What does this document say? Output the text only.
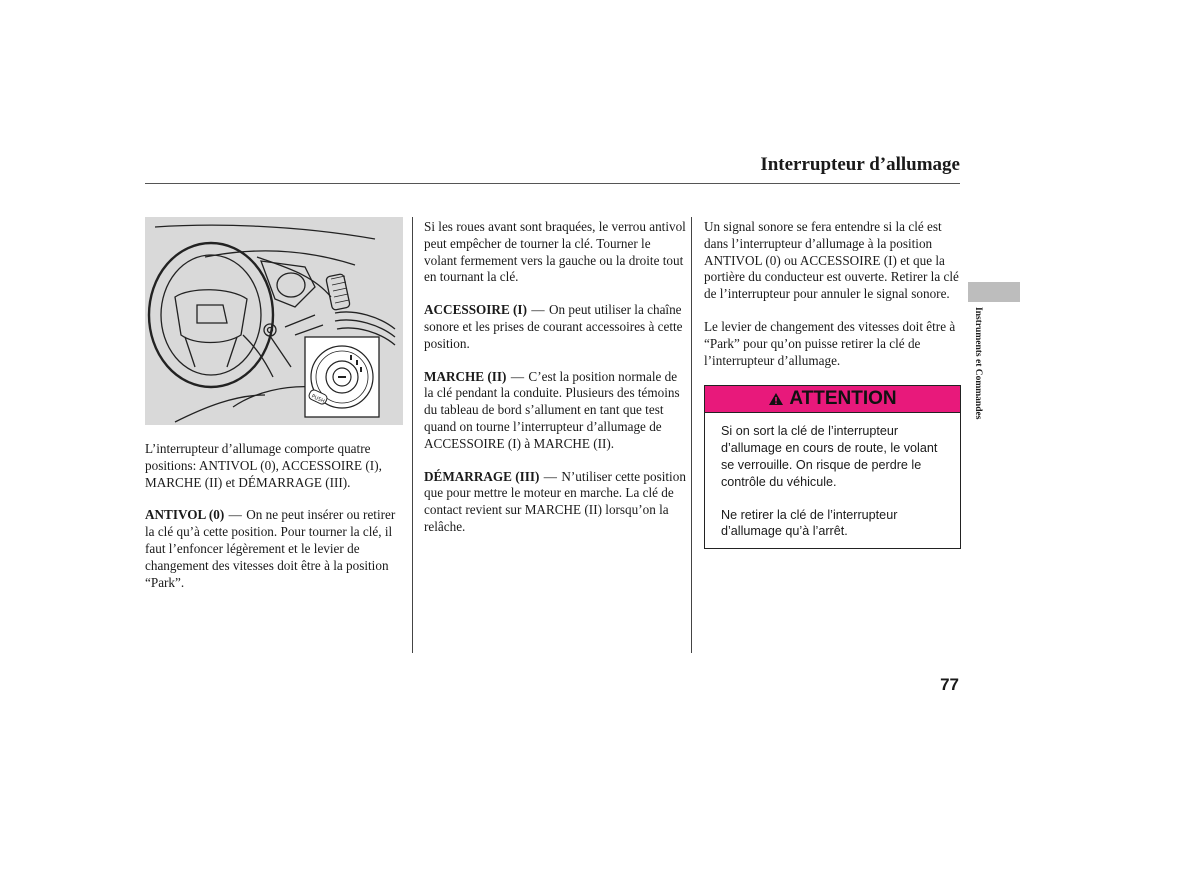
Interrupteur d’allumage
PUSH

L’interrupteur d’allumage comporte quatre positions: ANTIVOL (0), ACCESSOIRE (I), MARCHE (II) et DÉMARRAGE (III).

ANTIVOL (0) — On ne peut insérer ou retirer la clé qu’à cette position. Pour tourner la clé, il faut l’enfoncer légèrement et le levier de changement des vitesses doit être à la position “Park”.

Si les roues avant sont braquées, le verrou antivol peut empêcher de tourner la clé. Tourner le volant fermement vers la gauche ou la droite tout en tournant la clé.

ACCESSOIRE (I) — On peut utiliser la chaîne sonore et les prises de courant accessoires à cette position.

MARCHE (II) — C’est la position normale de la clé pendant la conduite. Plusieurs des témoins du tableau de bord s’allument en tant que test quand on tourne l’interrupteur d’allumage de ACCESSOIRE (I) à MARCHE (II).

DÉMARRAGE (III) — N’utiliser cette position que pour mettre le moteur en marche. La clé de contact revient sur MARCHE (II) lorsqu’on la relâche.

Un signal sonore se fera entendre si la clé est dans l’interrupteur d’allumage à la position ANTIVOL (0) ou ACCESSOIRE (I) et que la portière du conducteur est ouverte. Retirer la clé de l’interrupteur pour annuler le signal sonore.

Le levier de changement des vitesses doit être à “Park” pour qu’on puisse retirer la clé de l’interrupteur d’allumage.

ATTENTION

Si on sort la clé de l’interrupteur d’allumage en cours de route, le volant se verrouille. On risque de perdre le contrôle du véhicule.

Ne retirer la clé de l’interrupteur d’allumage qu’à l’arrêt.

Instruments et Commandes
77
